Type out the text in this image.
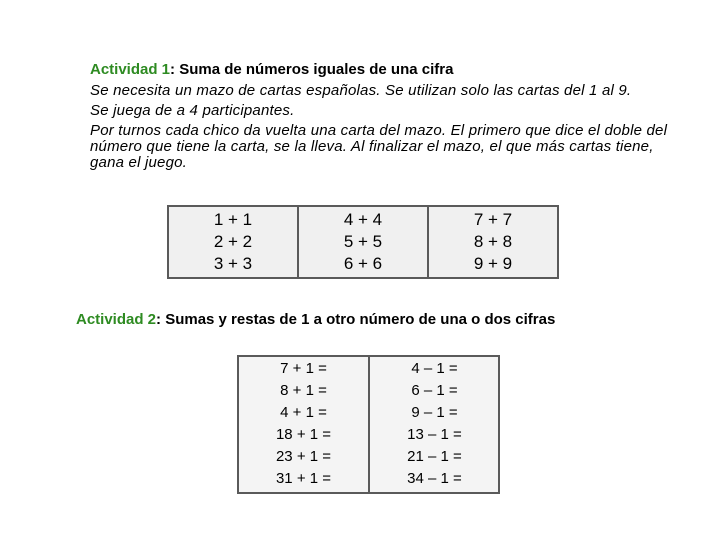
Actividad 1: Suma de números iguales de una cifra
Se necesita un mazo de cartas españolas. Se utilizan solo las cartas del 1 al 9.
Se juega de a 4 participantes.
Por turnos cada chico da vuelta una carta del mazo. El primero que dice el doble del número que tiene la carta, se la lleva. Al finalizar el mazo, el que más cartas tiene, gana el juego.
1 + 1
2 + 2
3 + 3
4 + 4
5 + 5
6 + 6
7 + 7
8 + 8
9 + 9
Actividad 2: Sumas y restas de 1 a otro número de una o dos cifras
7 + 1 =
8 + 1 =
4 + 1 =
18 + 1 =
23 + 1 =
31 + 1 =
4 – 1 =
6 – 1 =
9 – 1 =
13 – 1 =
21 – 1 =
34 – 1 =
